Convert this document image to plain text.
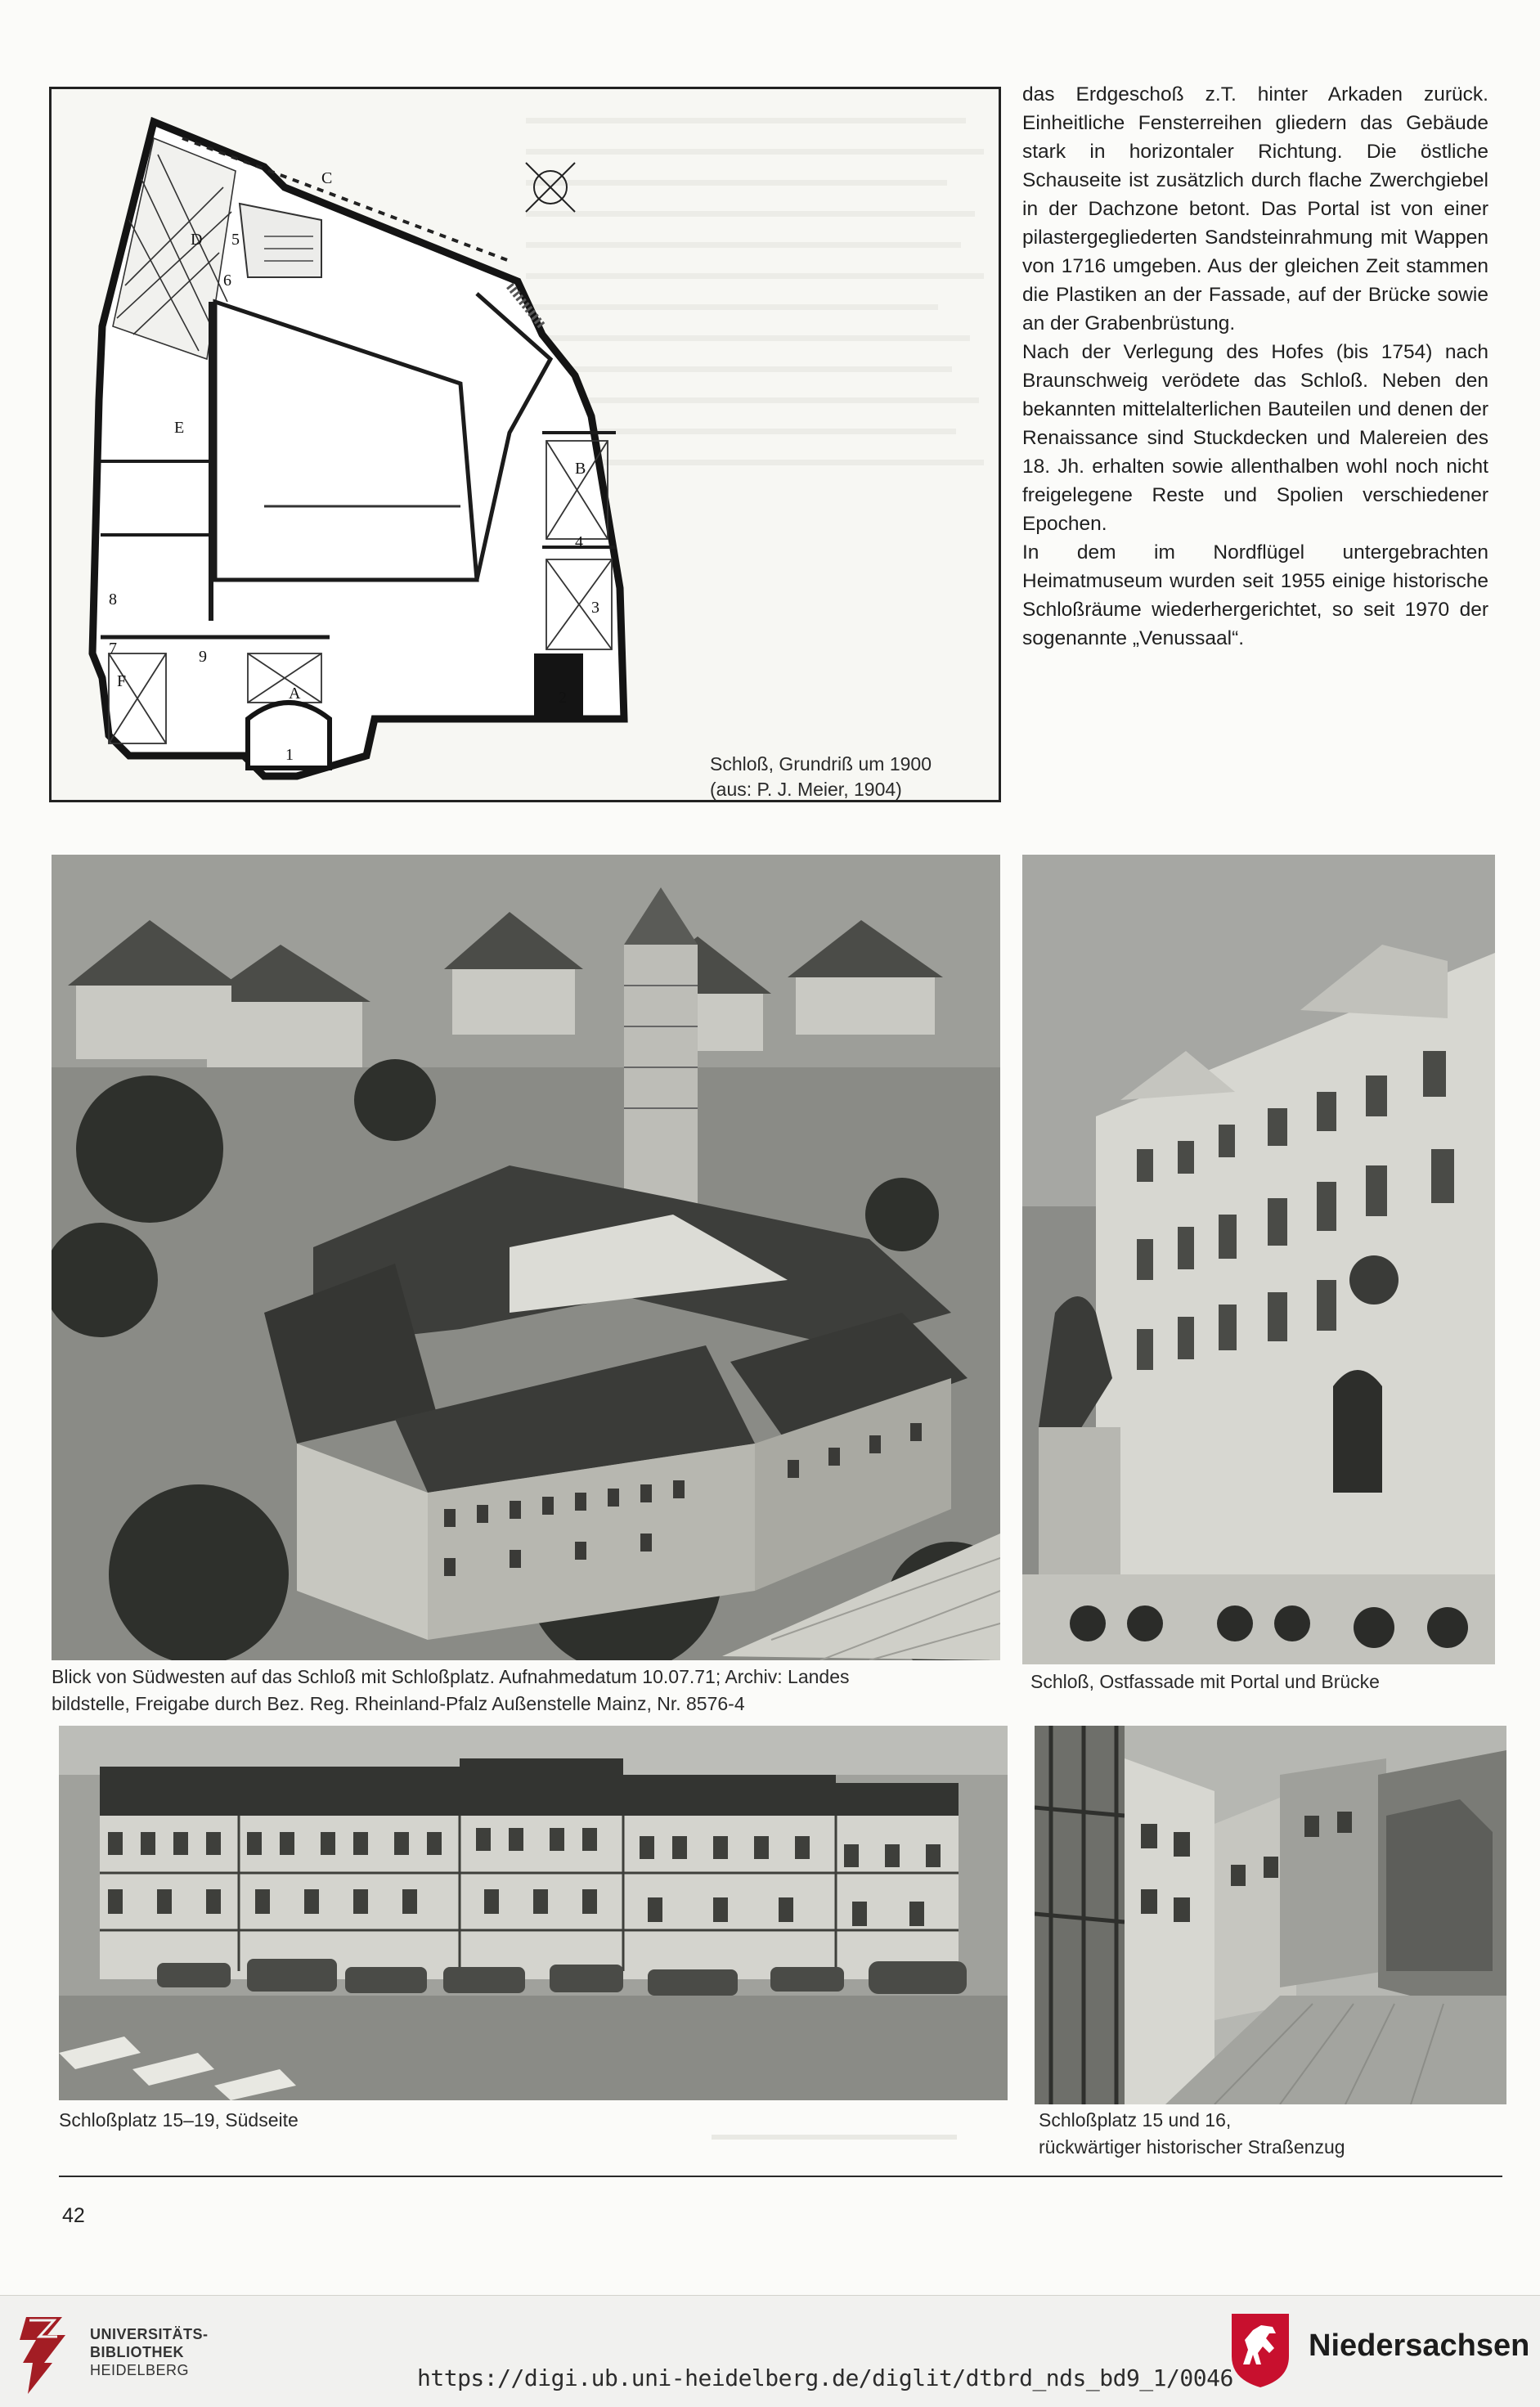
D
C
E
B
F
A
1
2
3
4
5
6
7
8
9
Schloß, Grundriß um 1900
(aus: P. J. Meier, 1904)

das Erdgeschoß z.T. hinter Arkaden zurück. Einheitliche Fensterreihen gliedern das Gebäude stark in horizontaler Richtung. Die östliche Schauseite ist zusätzlich durch flache Zwerchgiebel in der Dachzone betont. Das Portal ist von einer pilastergegliederten Sandsteinrahmung mit Wappen von 1716 umgeben. Aus der gleichen Zeit stammen die Plastiken an der Fassade, auf der Brücke sowie an der Grabenbrüstung.

Nach der Verlegung des Hofes (bis 1754) nach Braunschweig verödete das Schloß. Neben den bekannten mittelalterlichen Bauteilen und denen der Renaissance sind Stuckdecken und Malereien des 18. Jh. erhalten sowie allenthalben wohl noch nicht freigelegene Reste und Spolien verschiedener Epochen.

In dem im Nordflügel untergebrachten Heimatmuseum wurden seit 1955 einige historische Schloßräume wiederhergerichtet, so seit 1970 der sogenannte „Venussaal“.

Blick von Südwesten auf das Schloß mit Schloßplatz. Aufnahmedatum 10.07.71; Archiv: Landes
bildstelle, Freigabe durch Bez. Reg. Rheinland-Pfalz Außenstelle Mainz, Nr. 8576-4
Schloß, Ostfassade mit Portal und Brücke
Schloßplatz 15–19, Südseite	Schloßplatz 15 und 16,
rückwärtiger historischer Straßenzug
42
UNIVERSITÄTS-
BIBLIOTHEK
HEIDELBERG	https://digi.ub.uni-heidelberg.de/diglit/dtbrd_nds_bd9_1/0046
Niedersachsen
